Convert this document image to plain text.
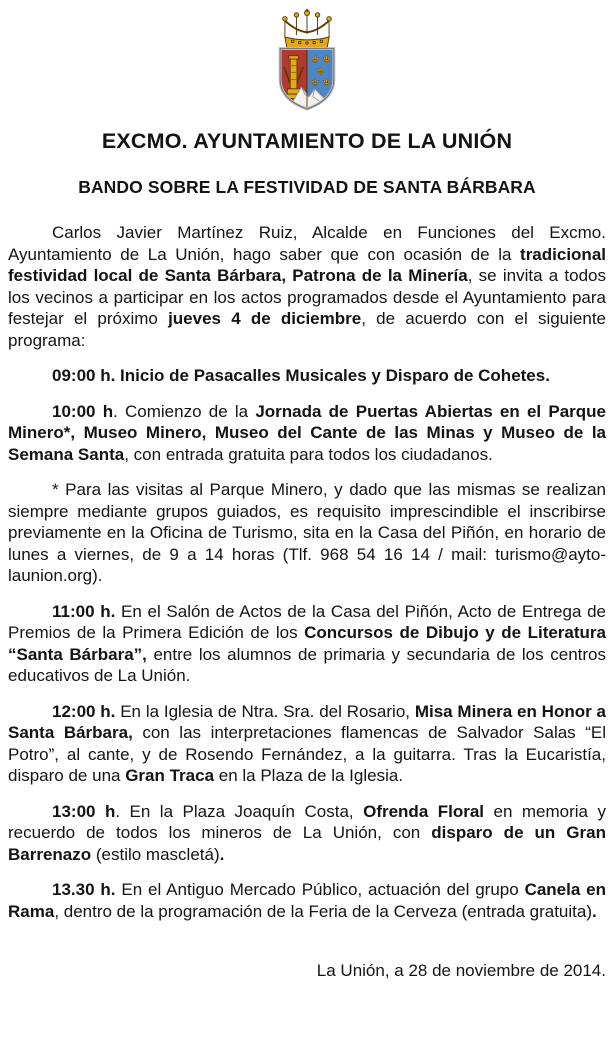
EXCMO. AYUNTAMIENTO DE LA UNIÓN
BANDO SOBRE LA FESTIVIDAD DE SANTA BÁRBARA

Carlos Javier Martínez Ruiz, Alcalde en Funciones del Excmo. Ayuntamiento de La Unión, hago saber que con ocasión de la tradicional festividad local de Santa Bárbara, Patrona de la Minería, se invita a todos los vecinos a participar en los actos programados desde el Ayuntamiento para festejar el próximo jueves 4 de diciembre, de acuerdo con el siguiente programa:

09:00 h. Inicio de Pasacalles Musicales y Disparo de Cohetes.

10:00 h. Comienzo de la Jornada de Puertas Abiertas en el Parque Minero*, Museo Minero, Museo del Cante de las Minas y Museo de la Semana Santa, con entrada gratuita para todos los ciudadanos.

* Para las visitas al Parque Minero, y dado que las mismas se realizan siempre mediante grupos guiados, es requisito imprescindible el inscribirse previamente en la Oficina de Turismo, sita en la Casa del Piñón, en horario de lunes a viernes, de 9 a 14 horas (Tlf. 968 54 16 14 / mail: turismo@ayto-launion.org).

11:00 h. En el Salón de Actos de la Casa del Piñón, Acto de Entrega de Premios de la Primera Edición de los Concursos de Dibujo y de Literatura “Santa Bárbara”, entre los alumnos de primaria y secundaria de los centros educativos de La Unión.

12:00 h. En la Iglesia de Ntra. Sra. del Rosario, Misa Minera en Honor a Santa Bárbara, con las interpretaciones flamencas de Salvador Salas “El Potro”, al cante, y de Rosendo Fernández, a la guitarra. Tras la Eucaristía, disparo de una Gran Traca en la Plaza de la Iglesia.

13:00 h. En la Plaza Joaquín Costa, Ofrenda Floral en memoria y recuerdo de todos los mineros de La Unión, con disparo de un Gran Barrenazo (estilo mascletá).

13.30 h. En el Antiguo Mercado Público, actuación del grupo Canela en Rama, dentro de la programación de la Feria de la Cerveza (entrada gratuita).

La Unión, a 28 de noviembre de 2014.
